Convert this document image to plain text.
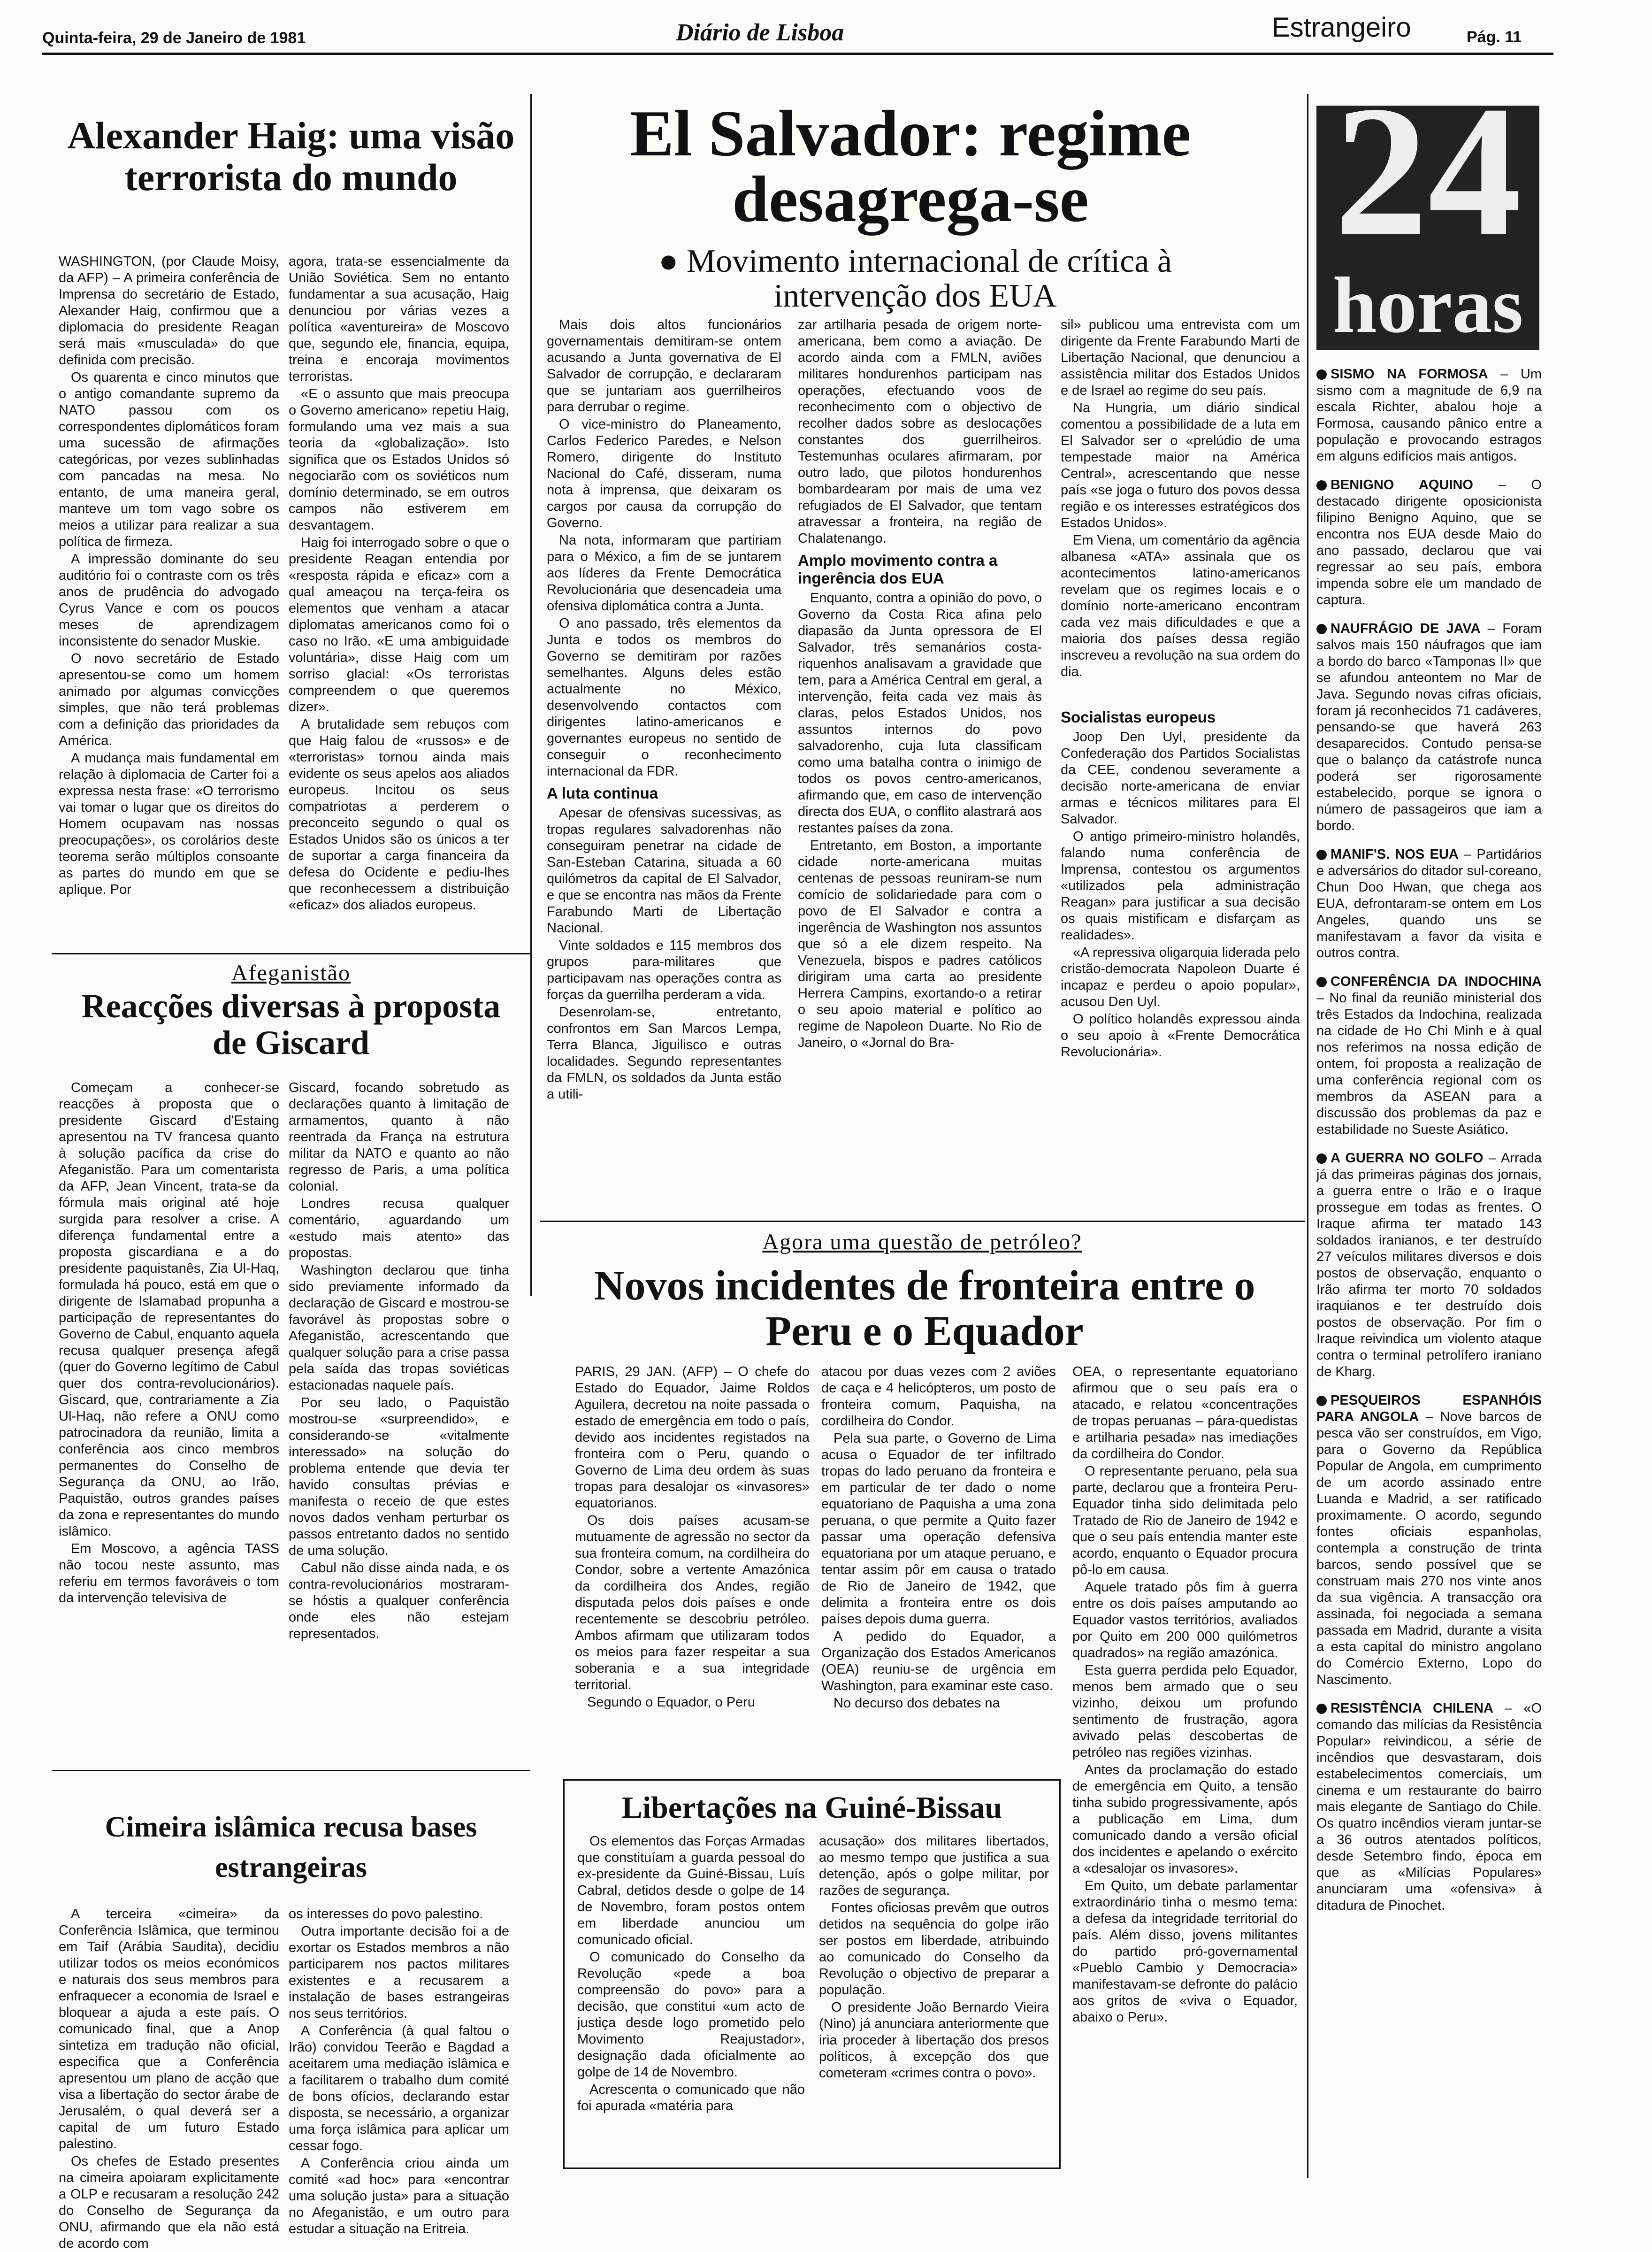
Quinta-feira, 29 de Janeiro de 1981	Diário de Lisboa	Estrangeiro	Pág. 11
Alexander Haig: uma visão terrorista do mundo

WASHINGTON, (por Claude Moisy, da AFP) – A primeira conferência de Imprensa do secretário de Estado, Alexander Haig, confirmou que a diplomacia do presidente Reagan será mais «musculada» do que definida com precisão.

Os quarenta e cinco minutos que o antigo comandante supremo da NATO passou com os correspondentes diplomáticos foram uma sucessão de afirmações categóricas, por vezes sublinhadas com pancadas na mesa. No entanto, de uma maneira geral, manteve um tom vago sobre os meios a utilizar para realizar a sua política de firmeza.

A impressão dominante do seu auditório foi o contraste com os três anos de prudência do advogado Cyrus Vance e com os poucos meses de aprendizagem inconsistente do senador Muskie.

O novo secretário de Estado apresentou-se como um homem animado por algumas convicções simples, que não terá problemas com a definição das prioridades da América.

A mudança mais fundamental em relação à diplomacia de Carter foi a expressa nesta frase: «O terrorismo vai tomar o lugar que os direitos do Homem ocupavam nas nossas preocupações», os corolários deste teorema serão múltiplos consoante as partes do mundo em que se aplique. Por

agora, trata-se essencialmente da União Soviética. Sem no entanto fundamentar a sua acusação, Haig denunciou por várias vezes a política «aventureira» de Moscovo que, segundo ele, financia, equipa, treina e encoraja movimentos terroristas.

«E o assunto que mais preocupa o Governo americano» repetiu Haig, formulando uma vez mais a sua teoria da «globalização». Isto significa que os Estados Unidos só negociarão com os soviéticos num domínio determinado, se em outros campos não estiverem em desvantagem.

Haig foi interrogado sobre o que o presidente Reagan entendia por «resposta rápida e eficaz» com a qual ameaçou na terça-feira os elementos que venham a atacar diplomatas americanos como foi o caso no Irão. «E uma ambiguidade voluntária», disse Haig com um sorriso glacial: «Os terroristas compreendem o que queremos dizer».

A brutalidade sem rebuços com que Haig falou de «russos» e de «terroristas» tornou ainda mais evidente os seus apelos aos aliados europeus. Incitou os seus compatriotas a perderem o preconceito segundo o qual os Estados Unidos são os únicos a ter de suportar a carga financeira da defesa do Ocidente e pediu-lhes que reconhecessem a distribuição «eficaz» dos aliados europeus.

Afeganistão
Reacções diversas à proposta de Giscard

Começam a conhecer-se reacções à proposta que o presidente Giscard d'Estaing apresentou na TV francesa quanto à solução pacífica da crise do Afeganistão. Para um comentarista da AFP, Jean Vincent, trata-se da fórmula mais original até hoje surgida para resolver a crise. A diferença fundamental entre a proposta giscardiana e a do presidente paquistanês, Zia Ul-Haq, formulada há pouco, está em que o dirigente de Islamabad propunha a participação de representantes do Governo de Cabul, enquanto aquela recusa qualquer presença afegã (quer do Governo legítimo de Cabul quer dos contra-revolucionários). Giscard, que, contrariamente a Zia Ul-Haq, não refere a ONU como patrocinadora da reunião, limita a conferência aos cinco membros permanentes do Conselho de Segurança da ONU, ao Irão, Paquistão, outros grandes países da zona e representantes do mundo islâmico.

Em Moscovo, a agência TASS não tocou neste assunto, mas referiu em termos favoráveis o tom da intervenção televisiva de

Giscard, focando sobretudo as declarações quanto à limitação de armamentos, quanto à não reentrada da França na estrutura militar da NATO e quanto ao não regresso de Paris, a uma política colonial.

Londres recusa qualquer comentário, aguardando um «estudo mais atento» das propostas.

Washington declarou que tinha sido previamente informado da declaração de Giscard e mostrou-se favorável às propostas sobre o Afeganistão, acrescentando que qualquer solução para a crise passa pela saída das tropas soviéticas estacionadas naquele país.

Por seu lado, o Paquistão mostrou-se «surpreendido», e considerando-se «vitalmente interessado» na solução do problema entende que devia ter havido consultas prévias e manifesta o receio de que estes novos dados venham perturbar os passos entretanto dados no sentido de uma solução.

Cabul não disse ainda nada, e os contra-revolucionários mostraram-se hóstis a qualquer conferência onde eles não estejam representados.

Cimeira islâmica recusa bases estrangeiras

A terceira «cimeira» da Conferência Islâmica, que terminou em Taif (Arábia Saudita), decidiu utilizar todos os meios económicos e naturais dos seus membros para enfraquecer a economia de Israel e bloquear a ajuda a este país. O comunicado final, que a Anop sintetiza em tradução não oficial, especifica que a Conferência apresentou um plano de acção que visa a libertação do sector árabe de Jerusalém, o qual deverá ser a capital de um futuro Estado palestino.

Os chefes de Estado presentes na cimeira apoiaram explicitamente a OLP e recusaram a resolução 242 do Conselho de Segurança da ONU, afirmando que ela não está de acordo com

os interesses do povo palestino.

Outra importante decisão foi a de exortar os Estados membros a não participarem nos pactos militares existentes e a recusarem a instalação de bases estrangeiras nos seus territórios.

A Conferência (à qual faltou o Irão) convidou Teerão e Bagdad a aceitarem uma mediação islâmica e a facilitarem o trabalho dum comité de bons ofícios, declarando estar disposta, se necessário, a organizar uma força islâmica para aplicar um cessar fogo.

A Conferência criou ainda um comité «ad hoc» para «encontrar uma solução justa» para a situação no Afeganistão, e um outro para estudar a situação na Eritreia.

El Salvador: regime desagrega-se
● Movimento internacional de crítica à intervenção dos EUA

Mais dois altos funcionários governamentais demitiram-se ontem acusando a Junta governativa de El Salvador de corrupção, e declararam que se juntariam aos guerrilheiros para derrubar o regime.

O vice-ministro do Planeamento, Carlos Federico Paredes, e Nelson Romero, dirigente do Instituto Nacional do Café, disseram, numa nota à imprensa, que deixaram os cargos por causa da corrupção do Governo.

Na nota, informaram que partiriam para o México, a fim de se juntarem aos líderes da Frente Democrática Revolucionária que desencadeia uma ofensiva diplomática contra a Junta.

O ano passado, três elementos da Junta e todos os membros do Governo se demitiram por razões semelhantes. Alguns deles estão actualmente no México, desenvolvendo contactos com dirigentes latino-americanos e governantes europeus no sentido de conseguir o reconhecimento internacional da FDR.

A luta continua

Apesar de ofensivas sucessivas, as tropas regulares salvadorenhas não conseguiram penetrar na cidade de San-Esteban Catarina, situada a 60 quilómetros da capital de El Salvador, e que se encontra nas mãos da Frente Farabundo Marti de Libertação Nacional.

Vinte soldados e 115 membros dos grupos para-militares que participavam nas operações contra as forças da guerrilha perderam a vida.

Desenrolam-se, entretanto, confrontos em San Marcos Lempa, Terra Blanca, Jiguilisco e outras localidades. Segundo representantes da FMLN, os soldados da Junta estão a utili-

zar artilharia pesada de origem norte-americana, bem como a aviação. De acordo ainda com a FMLN, aviões militares hondurenhos participam nas operações, efectuando voos de reconhecimento com o objectivo de recolher dados sobre as deslocações constantes dos guerrilheiros. Testemunhas oculares afirmaram, por outro lado, que pilotos hondurenhos bombardearam por mais de uma vez refugiados de El Salvador, que tentam atravessar a fronteira, na região de Chalatenango.

Amplo movimento contra a ingerência dos EUA

Enquanto, contra a opinião do povo, o Governo da Costa Rica afina pelo diapasão da Junta opressora de El Salvador, três semanários costa-riquenhos analisavam a gravidade que tem, para a América Central em geral, a intervenção, feita cada vez mais às claras, pelos Estados Unidos, nos assuntos internos do povo salvadorenho, cuja luta classificam como uma batalha contra o inimigo de todos os povos centro-americanos, afirmando que, em caso de intervenção directa dos EUA, o conflito alastrará aos restantes países da zona.

Entretanto, em Boston, a importante cidade norte-americana muitas centenas de pessoas reuniram-se num comício de solidariedade para com o povo de El Salvador e contra a ingerência de Washington nos assuntos que só a ele dizem respeito. Na Venezuela, bispos e padres católicos dirigiram uma carta ao presidente Herrera Campins, exortando-o a retirar o seu apoio material e político ao regime de Napoleon Duarte. No Rio de Janeiro, o «Jornal do Bra-

sil» publicou uma entrevista com um dirigente da Frente Farabundo Marti de Libertação Nacional, que denunciou a assistência militar dos Estados Unidos e de Israel ao regime do seu país.

Na Hungria, um diário sindical comentou a possibilidade de a luta em El Salvador ser o «prelúdio de uma tempestade maior na América Central», acrescentando que nesse país «se joga o futuro dos povos dessa região e os interesses estratégicos dos Estados Unidos».

Em Viena, um comentário da agência albanesa «ATA» assinala que os acontecimentos latino-americanos revelam que os regimes locais e o domínio norte-americano encontram cada vez mais dificuldades e que a maioria dos países dessa região inscreveu a revolução na sua ordem do dia.

Socialistas europeus

Joop Den Uyl, presidente da Confederação dos Partidos Socialistas da CEE, condenou severamente a decisão norte-americana de enviar armas e técnicos militares para El Salvador.

O antigo primeiro-ministro holandês, falando numa conferência de Imprensa, contestou os argumentos «utilizados pela administração Reagan» para justificar a sua decisão os quais mistificam e disfarçam as realidades».

«A repressiva oligarquia liderada pelo cristão-democrata Napoleon Duarte é incapaz e perdeu o apoio popular», acusou Den Uyl.

O político holandês expressou ainda o seu apoio à «Frente Democrática Revolucionária».

Agora uma questão de petróleo?
Novos incidentes de fronteira entre o Peru e o Equador

PARIS, 29 JAN. (AFP) – O chefe do Estado do Equador, Jaime Roldos Aguilera, decretou na noite passada o estado de emergência em todo o país, devido aos incidentes registados na fronteira com o Peru, quando o Governo de Lima deu ordem às suas tropas para desalojar os «invasores» equatorianos.

Os dois países acusam-se mutuamente de agressão no sector da sua fronteira comum, na cordilheira do Condor, sobre a vertente Amazónica da cordilheira dos Andes, região disputada pelos dois países e onde recentemente se descobriu petróleo. Ambos afirmam que utilizaram todos os meios para fazer respeitar a sua soberania e a sua integridade territorial.

Segundo o Equador, o Peru

atacou por duas vezes com 2 aviões de caça e 4 helicópteros, um posto de fronteira comum, Paquisha, na cordilheira do Condor.

Pela sua parte, o Governo de Lima acusa o Equador de ter infiltrado tropas do lado peruano da fronteira e em particular de ter dado o nome equatoriano de Paquisha a uma zona peruana, o que permite a Quito fazer passar uma operação defensiva equatoriana por um ataque peruano, e tentar assim pôr em causa o tratado de Rio de Janeiro de 1942, que delimita a fronteira entre os dois países depois duma guerra.

A pedido do Equador, a Organização dos Estados Americanos (OEA) reuniu-se de urgência em Washington, para examinar este caso.

No decurso dos debates na

OEA, o representante equatoriano afirmou que o seu país era o atacado, e relatou «concentrações de tropas peruanas – pára-quedistas e artilharia pesada» nas imediações da cordilheira do Condor.

O representante peruano, pela sua parte, declarou que a fronteira Peru-Equador tinha sido delimitada pelo Tratado de Rio de Janeiro de 1942 e que o seu país entendia manter este acordo, enquanto o Equador procura pô-lo em causa.

Aquele tratado pôs fim à guerra entre os dois países amputando ao Equador vastos territórios, avaliados por Quito em 200 000 quilómetros quadrados» na região amazónica.

Esta guerra perdida pelo Equador, menos bem armado que o seu vizinho, deixou um profundo sentimento de frustração, agora avivado pelas descobertas de petróleo nas regiões vizinhas.

Antes da proclamação do estado de emergência em Quito, a tensão tinha subido progressivamente, após a publicação em Lima, dum comunicado dando a versão oficial dos incidentes e apelando o exército a «desalojar os invasores».

Em Quito, um debate parlamentar extraordinário tinha o mesmo tema: a defesa da integridade territorial do país. Além disso, jovens militantes do partido pró-governamental «Pueblo Cambio y Democracia» manifestavam-se defronte do palácio aos gritos de «viva o Equador, abaixo o Peru».

Libertações na Guiné-Bissau

Os elementos das Forças Armadas que constituíam a guarda pessoal do ex-presidente da Guiné-Bissau, Luís Cabral, detidos desde o golpe de 14 de Novembro, foram postos ontem em liberdade anunciou um comunicado oficial.

O comunicado do Conselho da Revolução «pede a boa compreensão do povo» para a decisão, que constitui «um acto de justiça desde logo prometido pelo Movimento Reajustador», designação dada oficialmente ao golpe de 14 de Novembro.

Acrescenta o comunicado que não foi apurada «matéria para

acusação» dos militares libertados, ao mesmo tempo que justifica a sua detenção, após o golpe militar, por razões de segurança.

Fontes oficiosas prevêm que outros detidos na sequência do golpe irão ser postos em liberdade, atribuindo ao comunicado do Conselho da Revolução o objectivo de preparar a população.

O presidente João Bernardo Vieira (Nino) já anunciara anteriormente que iria proceder à libertação dos presos políticos, à excepção dos que cometeram «crimes contra o povo».

24
horas
SISMO NA FORMOSA – Um sismo com a magnitude de 6,9 na escala Richter, abalou hoje a Formosa, causando pânico entre a população e provocando estragos em alguns edifícios mais antigos.
BENIGNO AQUINO – O destacado dirigente oposicionista filipino Benigno Aquino, que se encontra nos EUA desde Maio do ano passado, declarou que vai regressar ao seu país, embora impenda sobre ele um mandado de captura.
NAUFRÁGIO DE JAVA – Foram salvos mais 150 náufragos que iam a bordo do barco «Tamponas II» que se afundou anteontem no Mar de Java. Segundo novas cifras oficiais, foram já reconhecidos 71 cadáveres, pensando-se que haverá 263 desaparecidos. Contudo pensa-se que o balanço da catástrofe nunca poderá ser rigorosamente estabelecido, porque se ignora o número de passageiros que iam a bordo.
MANIF'S. NOS EUA – Partidários e adversários do ditador sul-coreano, Chun Doo Hwan, que chega aos EUA, defrontaram-se ontem em Los Angeles, quando uns se manifestavam a favor da visita e outros contra.
CONFERÊNCIA DA INDOCHINA – No final da reunião ministerial dos três Estados da Indochina, realizada na cidade de Ho Chi Minh e à qual nos referimos na nossa edição de ontem, foi proposta a realização de uma conferência regional com os membros da ASEAN para a discussão dos problemas da paz e estabilidade no Sueste Asiático.
A GUERRA NO GOLFO – Arrada já das primeiras páginas dos jornais, a guerra entre o Irão e o Iraque prossegue em todas as frentes. O Iraque afirma ter matado 143 soldados iranianos, e ter destruído 27 veículos militares diversos e dois postos de observação, enquanto o Irão afirma ter morto 70 soldados iraquianos e ter destruído dois postos de observação. Por fim o Iraque reivindica um violento ataque contra o terminal petrolífero iraniano de Kharg.
PESQUEIROS ESPANHÓIS PARA ANGOLA – Nove barcos de pesca vão ser construídos, em Vigo, para o Governo da República Popular de Angola, em cumprimento de um acordo assinado entre Luanda e Madrid, a ser ratificado proximamente. O acordo, segundo fontes oficiais espanholas, contempla a construção de trinta barcos, sendo possível que se construam mais 270 nos vinte anos da sua vigência. A transacção ora assinada, foi negociada a semana passada em Madrid, durante a visita a esta capital do ministro angolano do Comércio Externo, Lopo do Nascimento.
RESISTÊNCIA CHILENA – «O comando das milícias da Resistência Popular» reivindicou, a série de incêndios que desvastaram, dois estabelecimentos comerciais, um cinema e um restaurante do bairro mais elegante de Santiago do Chile. Os quatro incêndios vieram juntar-se a 36 outros atentados políticos, desde Setembro findo, época em que as «Milícias Populares» anunciaram uma «ofensiva» à ditadura de Pinochet.
